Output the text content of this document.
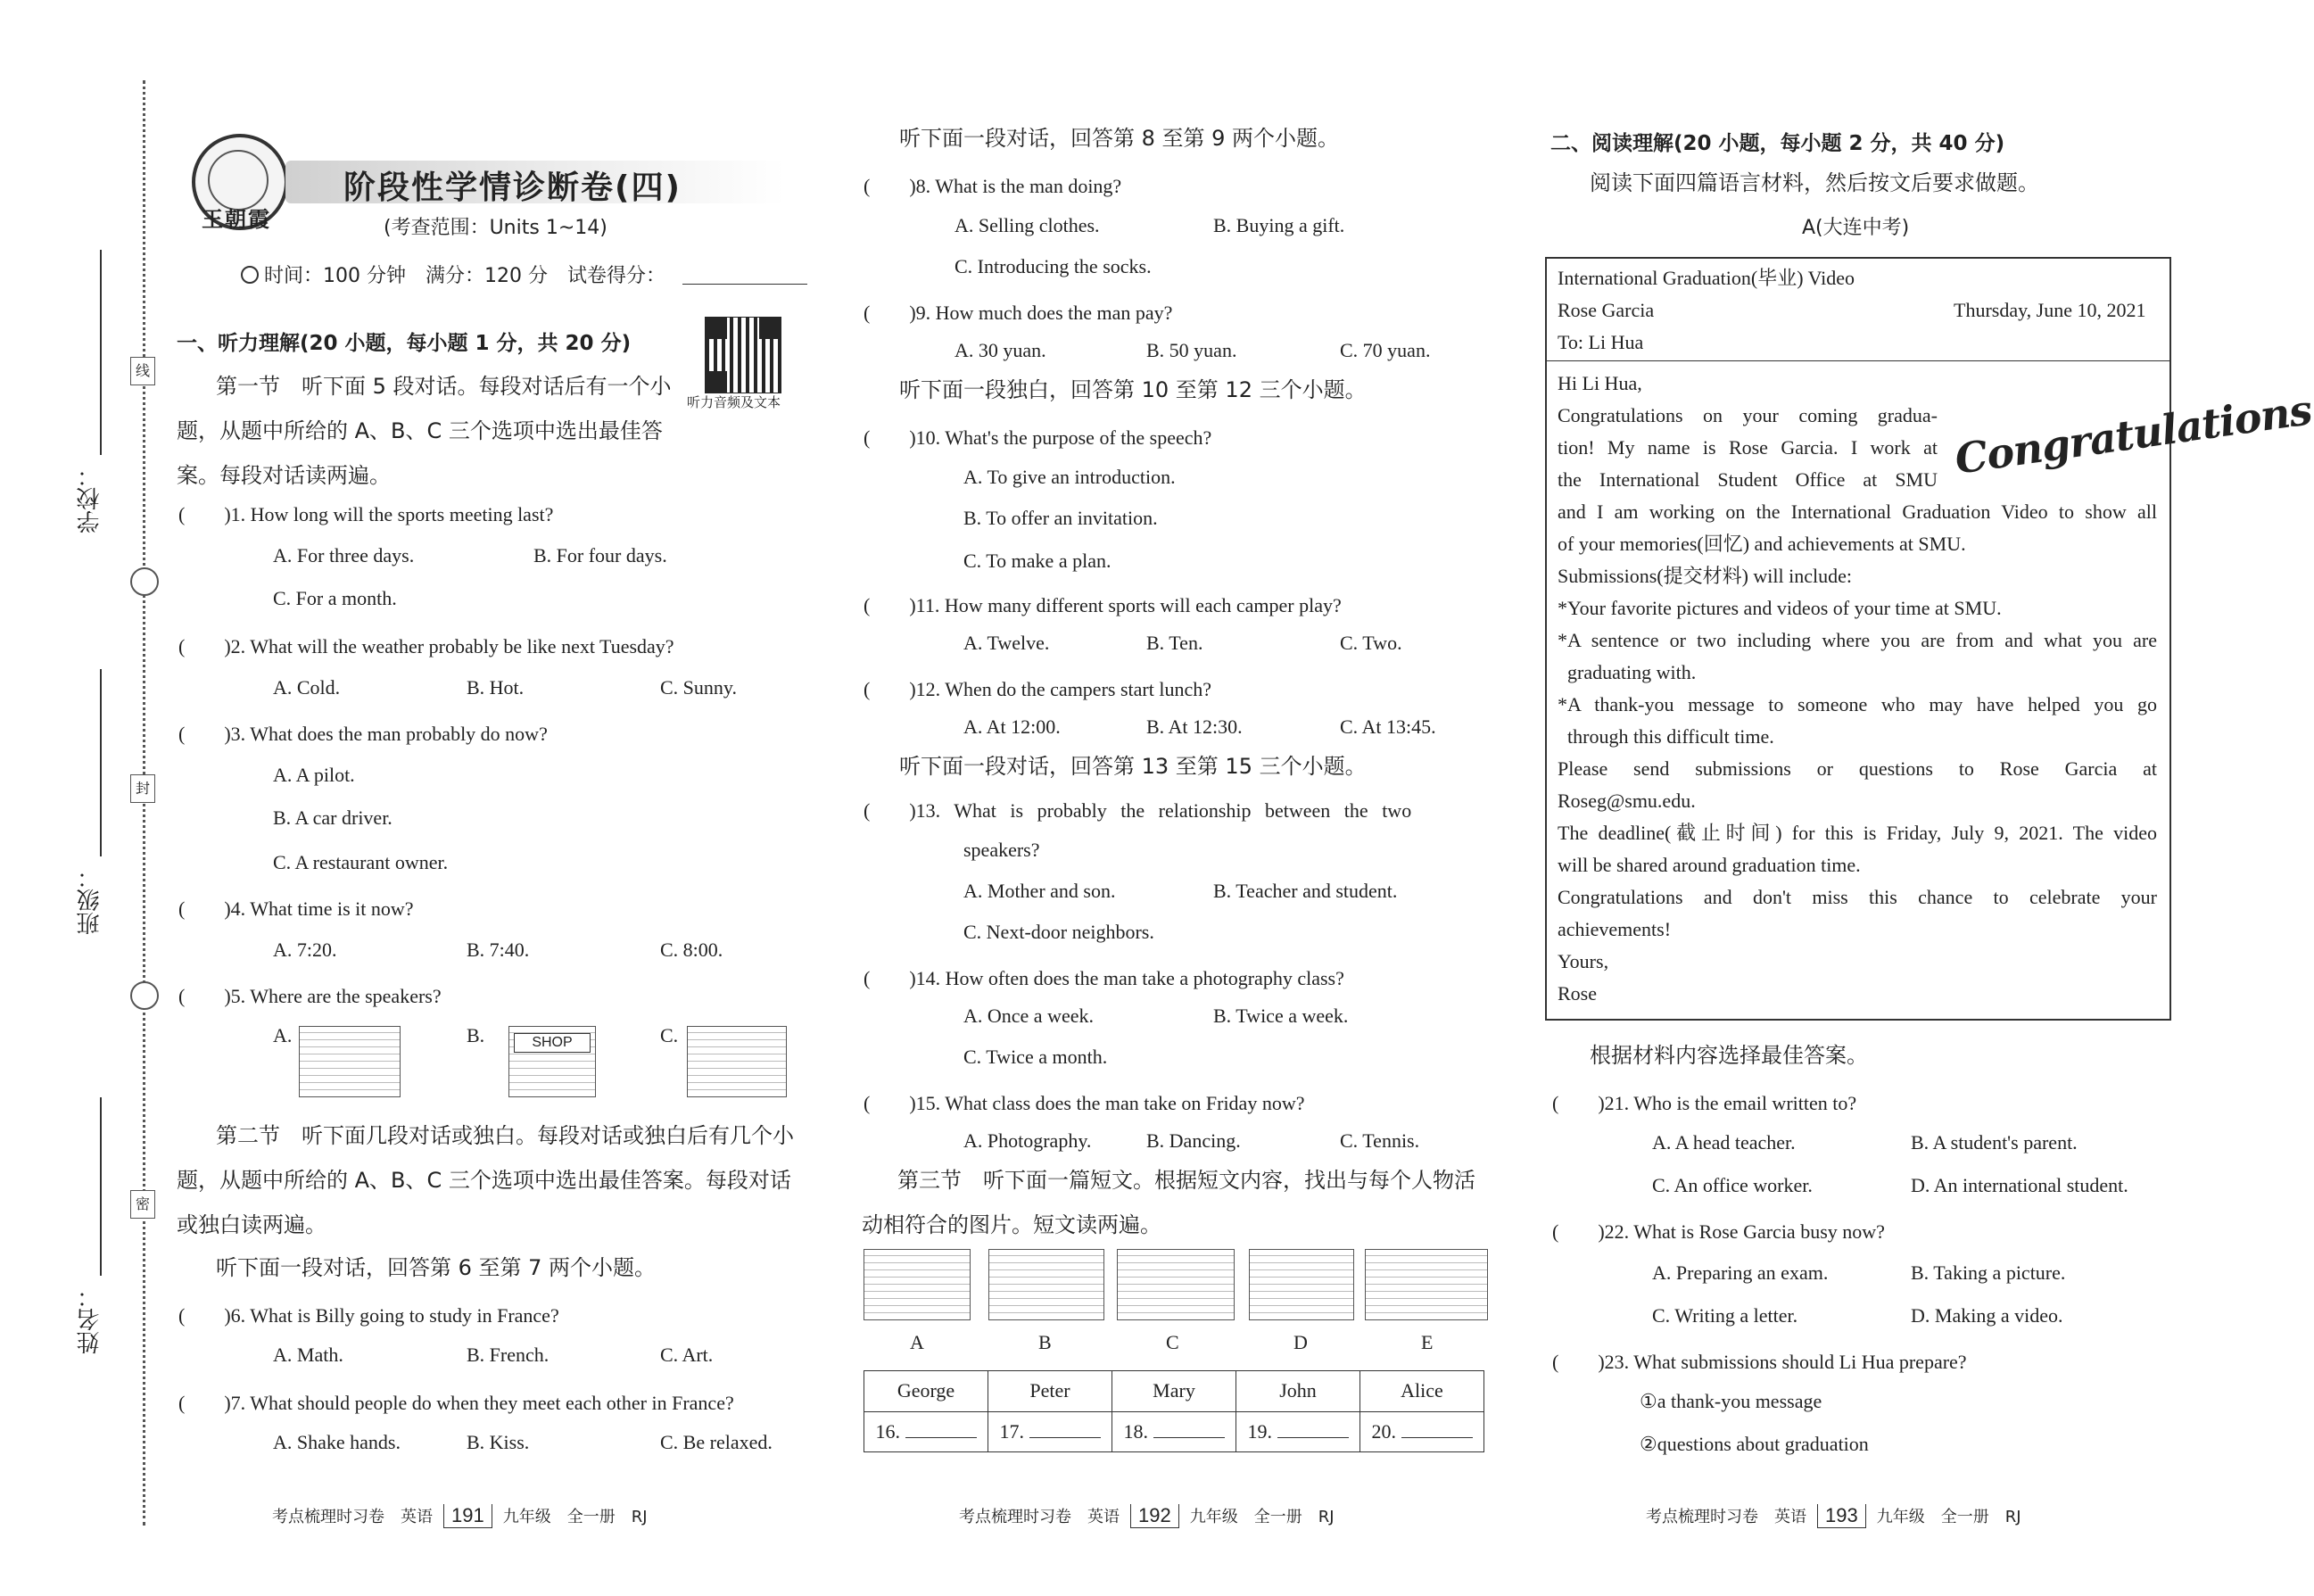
线
封
密
学校：
班级：
姓名：
王朝霞
阶段性学情诊断卷(四)
(考查范围：Units 1~14)
时间：100 分钟　满分：120 分　试卷得分：
一、听力理解(20 小题，每小题 1 分，共 20 分)
听力音频及文本
第一节　听下面 5 段对话。每段对话后有一个小题，从题中所给的 A、B、C 三个选项中选出最佳答案。每段对话读两遍。
(　　)1. How long will the sports meeting last?
A. For three days.	B. For four days.
C. For a month.
(　　)2. What will the weather probably be like next Tuesday?
A. Cold.	B. Hot.	C. Sunny.
(　　)3. What does the man probably do now?
A. A pilot.
B. A car driver.
C. A restaurant owner.
(　　)4. What time is it now?
A. 7:20.	B. 7:40.	C. 8:00.
(　　)5. Where are the speakers?
A.	B.	SHOP	C.
第二节　听下面几段对话或独白。每段对话或独白后有几个小题，从题中所给的 A、B、C 三个选项中选出最佳答案。每段对话或独白读两遍。
听下面一段对话，回答第 6 至第 7 两个小题。
(　　)6. What is Billy going to study in France?
A. Math.	B. French.	C. Art.
(　　)7. What should people do when they meet each other in France?
A. Shake hands.	B. Kiss.	C. Be relaxed.
听下面一段对话，回答第 8 至第 9 两个小题。
(　　)8. What is the man doing?
A. Selling clothes.	B. Buying a gift.
C. Introducing the socks.
(　　)9. How much does the man pay?
A. 30 yuan.	B. 50 yuan.	C. 70 yuan.
听下面一段独白，回答第 10 至第 12 三个小题。
(　　)10. What's the purpose of the speech?
A. To give an introduction.
B. To offer an invitation.
C. To make a plan.
(　　)11. How many different sports will each camper play?
A. Twelve.	B. Ten.	C. Two.
(　　)12. When do the campers start lunch?
A. At 12:00.	B. At 12:30.	C. At 13:45.
听下面一段对话，回答第 13 至第 15 三个小题。
(　　)13. What is probably the relationship between the two
speakers?
A. Mother and son.	B. Teacher and student.
C. Next-door neighbors.
(　　)14. How often does the man take a photography class?
A. Once a week.	B. Twice a week.
C. Twice a month.
(　　)15. What class does the man take on Friday now?
A. Photography.	B. Dancing.	C. Tennis.
第三节　听下面一篇短文。根据短文内容，找出与每个人物活动相符合的图片。短文读两遍。
A	B	C	D	E
George	Peter	Mary	John	Alice
16.	17.	18.	19.	20.
二、阅读理解(20 小题，每小题 2 分，共 40 分)
阅读下面四篇语言材料，然后按文后要求做题。
A(大连中考)
International Graduation(毕业) Video
Rose Garcia	Thursday, June 10, 2021
To: Li Hua
Congratulations
Hi Li Hua,
Congratulations on your coming gradua-
tion! My name is Rose Garcia. I work at
the International Student Office at SMU
and I am working on the International Graduation Video to show all
of your memories(回忆) and achievements at SMU.
Submissions(提交材料) will include:
*Your favorite pictures and videos of your time at SMU.
*A sentence or two including where you are from and what you are
graduating with.
*A thank-you message to someone who may have helped you go
through this difficult time.
Please send submissions or questions to Rose Garcia at
Roseg@smu.edu.
The deadline(截止时间) for this is Friday, July 9, 2021. The video
will be shared around graduation time.
Congratulations and don't miss this chance to celebrate your
achievements!
Yours,
Rose
根据材料内容选择最佳答案。
(　　)21. Who is the email written to?
A. A head teacher.	B. A student's parent.
C. An office worker.	D. An international student.
(　　)22. What is Rose Garcia busy now?
A. Preparing an exam.	B. Taking a picture.
C. Writing a letter.	D. Making a video.
(　　)23. What submissions should Li Hua prepare?
①a thank-you message
②questions about graduation
考点梳理时习卷　英语 191 九年级　全一册　RJ	考点梳理时习卷　英语 192 九年级　全一册　RJ	考点梳理时习卷　英语 193 九年级　全一册　RJ
